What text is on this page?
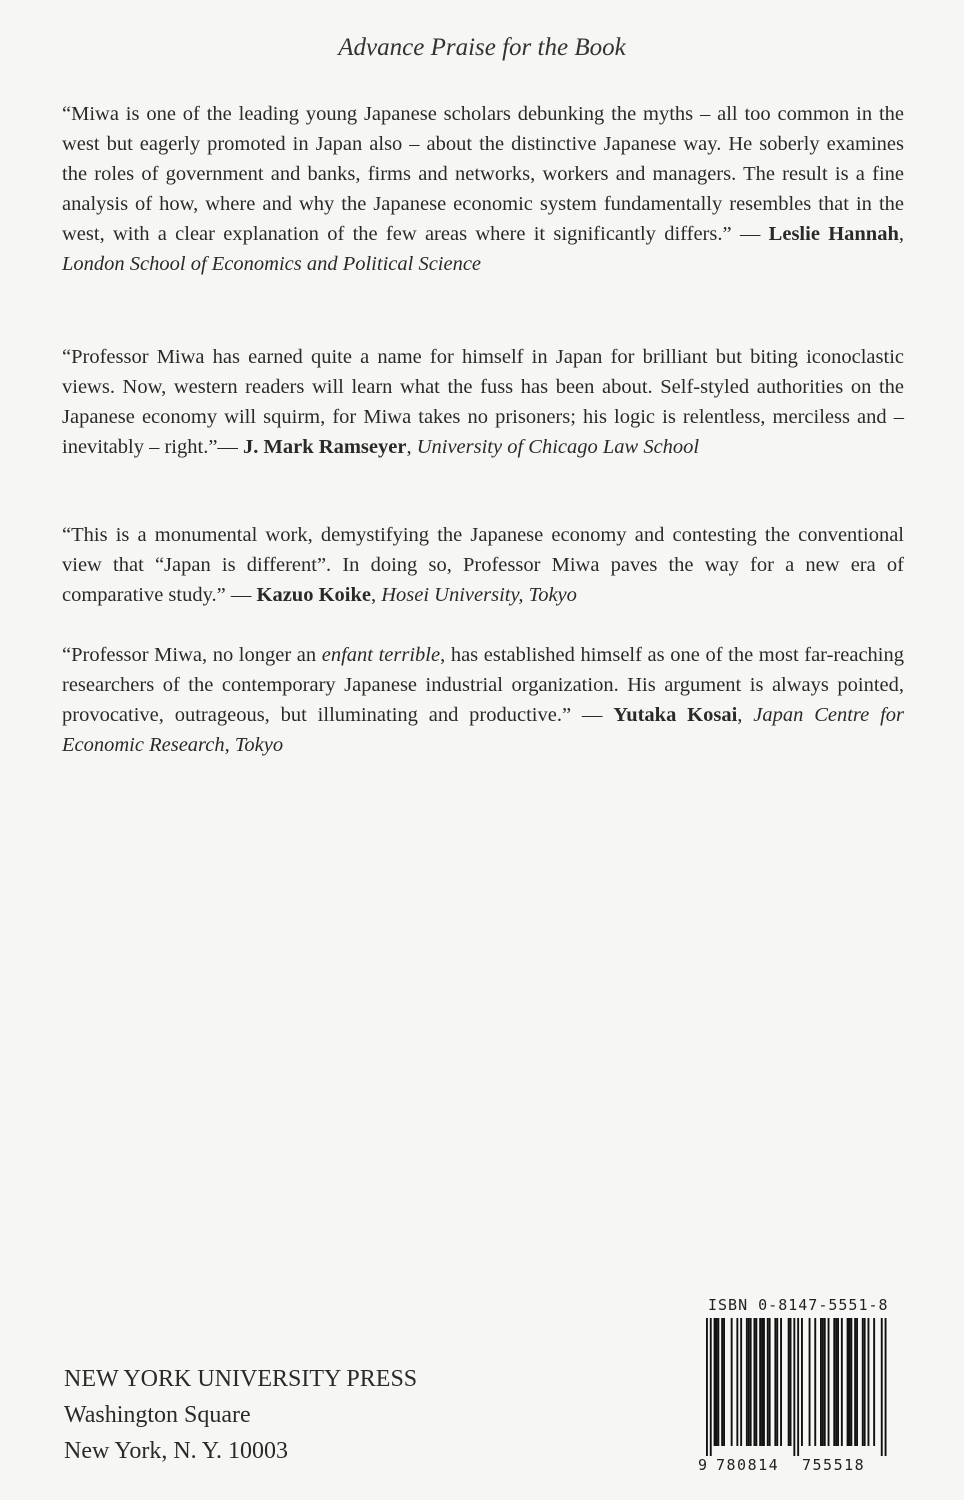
Advance Praise for the Book

“Miwa is one of the leading young Japanese scholars debunking the myths – all too common in the west but eagerly promoted in Japan also – about the distinctive Japanese way. He soberly examines the roles of government and banks, firms and networks, workers and managers. The result is a fine analysis of how, where and why the Japanese economic system fundamentally resembles that in the west, with a clear explanation of the few areas where it significantly differs.” — Leslie Hannah, London School of Economics and Political Science

“Professor Miwa has earned quite a name for himself in Japan for brilliant but biting iconoclastic views. Now, western readers will learn what the fuss has been about. Self-styled authorities on the Japanese economy will squirm, for Miwa takes no prisoners; his logic is relentless, merciless and – inevitably – right.”— J. Mark Ramseyer, University of Chicago Law School

“This is a monumental work, demystifying the Japanese economy and contesting the conventional view that “Japan is different”. In doing so, Professor Miwa paves the way for a new era of comparative study.” — Kazuo Koike, Hosei University, Tokyo

“Professor Miwa, no longer an enfant terrible, has established himself as one of the most far-reaching researchers of the contemporary Japanese industrial organization. His argument is always pointed, provocative, outrageous, but illuminating and productive.” — Yutaka Kosai, Japan Centre for Economic Research, Tokyo

NEW YORK UNIVERSITY PRESS
Washington Square
New York, N. Y. 10003
ISBN 0-8147-5551-8
9 780814 755518
